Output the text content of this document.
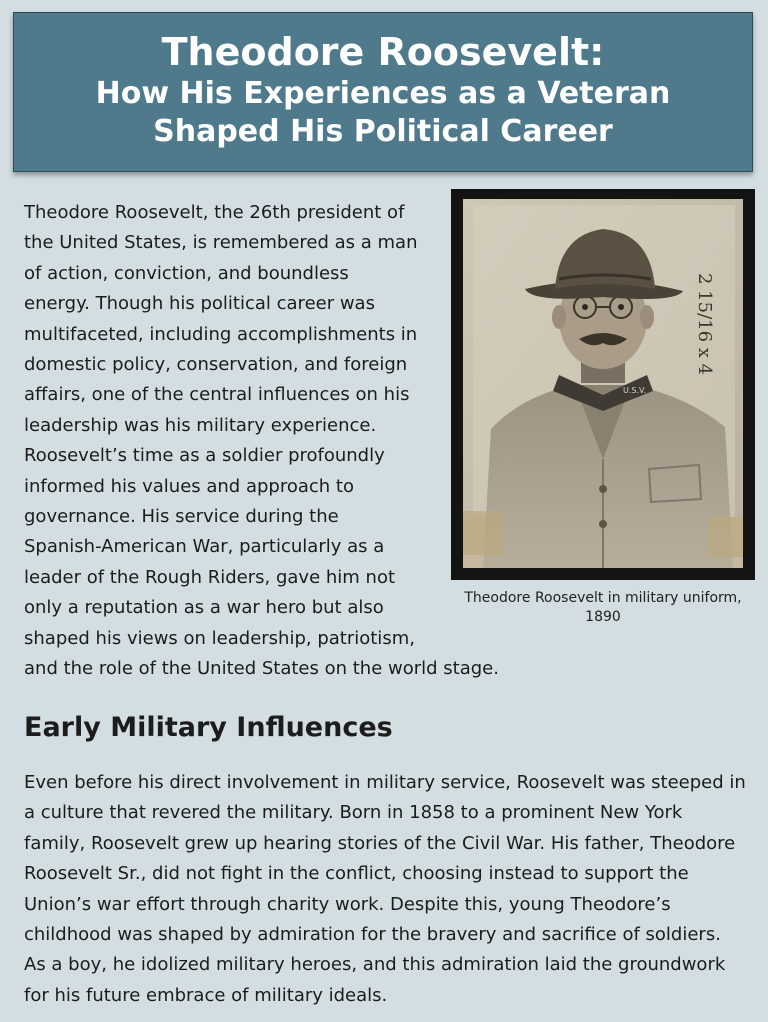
Theodore Roosevelt:
How His Experiences as a Veteran
Shaped His Political Career

Theodore Roosevelt, the 26th president of the United States, is remembered as a man of action, conviction, and boundless energy. Though his political career was multifaceted, including accomplishments in domestic policy, conservation, and foreign affairs, one of the central influences on his leadership was his military experience. Roosevelt’s time as a soldier profoundly informed his values and approach to governance. His service during the Spanish-American War, particularly as a leader of the Rough Riders, gave him not only a reputation as a war hero but also shaped his views on leadership, patriotism, and the role of the United States on the world stage.

U.S.V.
2 15/16 x 4
Theodore Roosevelt in military uniform, 1890
Early Military Influences

Even before his direct involvement in military service, Roosevelt was steeped in a culture that revered the military. Born in 1858 to a prominent New York family, Roosevelt grew up hearing stories of the Civil War. His father, Theodore Roosevelt Sr., did not fight in the conflict, choosing instead to support the Union’s war effort through charity work. Despite this, young Theodore’s childhood was shaped by admiration for the bravery and sacrifice of soldiers. As a boy, he idolized military heroes, and this admiration laid the groundwork for his future embrace of military ideals.
